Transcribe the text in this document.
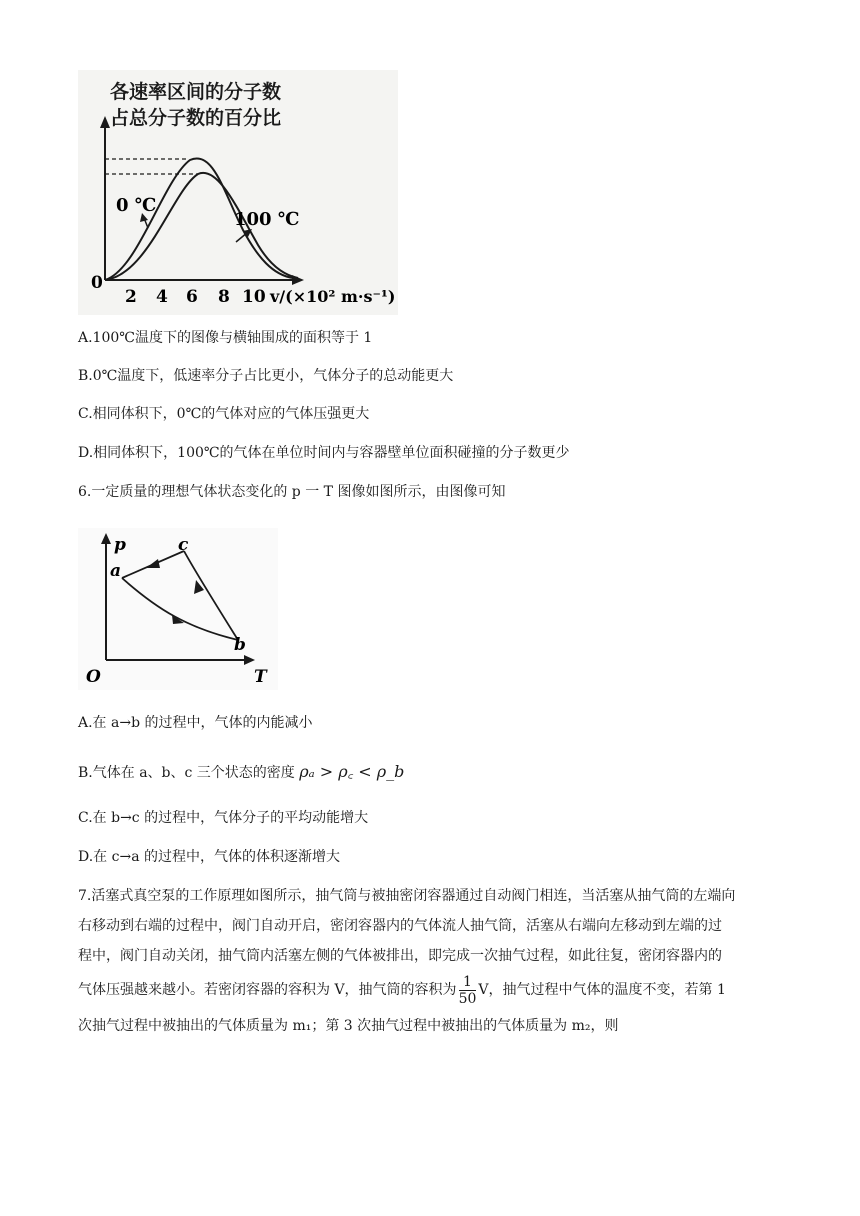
各速率区间的分子数
占总分子数的百分比
0
2 4 6 8 10 v/(×10² m·s⁻¹)
0 ℃
100 ℃
A.100℃温度下的图像与横轴围成的面积等于 1
B.0℃温度下，低速率分子占比更小，气体分子的总动能更大
C.相同体积下，0℃的气体对应的气体压强更大
D.相同体积下，100℃的气体在单位时间内与容器壁单位面积碰撞的分子数更少
6.一定质量的理想气体状态变化的 p 一 T 图像如图所示，由图像可知
p
T
O
a
b
c
A.在 a→b 的过程中，气体的内能减小
B.气体在 a、b、c 三个状态的密度 ρₐ > ρ꜀ < ρ_b
C.在 b→c 的过程中，气体分子的平均动能增大
D.在 c→a 的过程中，气体的体积逐渐增大
7.活塞式真空泵的工作原理如图所示，抽气筒与被抽密闭容器通过自动阀门相连，当活塞从抽气筒的左端向
右移动到右端的过程中，阀门自动开启，密闭容器内的气体流人抽气筒，活塞从右端向左移动到左端的过
程中，阀门自动关闭，抽气筒内活塞左侧的气体被排出，即完成一次抽气过程，如此往复，密闭容器内的
气体压强越来越小。若密闭容器的容积为 V，抽气筒的容积为 $\frac{1}{50}$ V，抽气过程中气体的温度不变，若第 1
次抽气过程中被抽出的气体质量为 m₁；第 3 次抽气过程中被抽出的气体质量为 m₂，则
